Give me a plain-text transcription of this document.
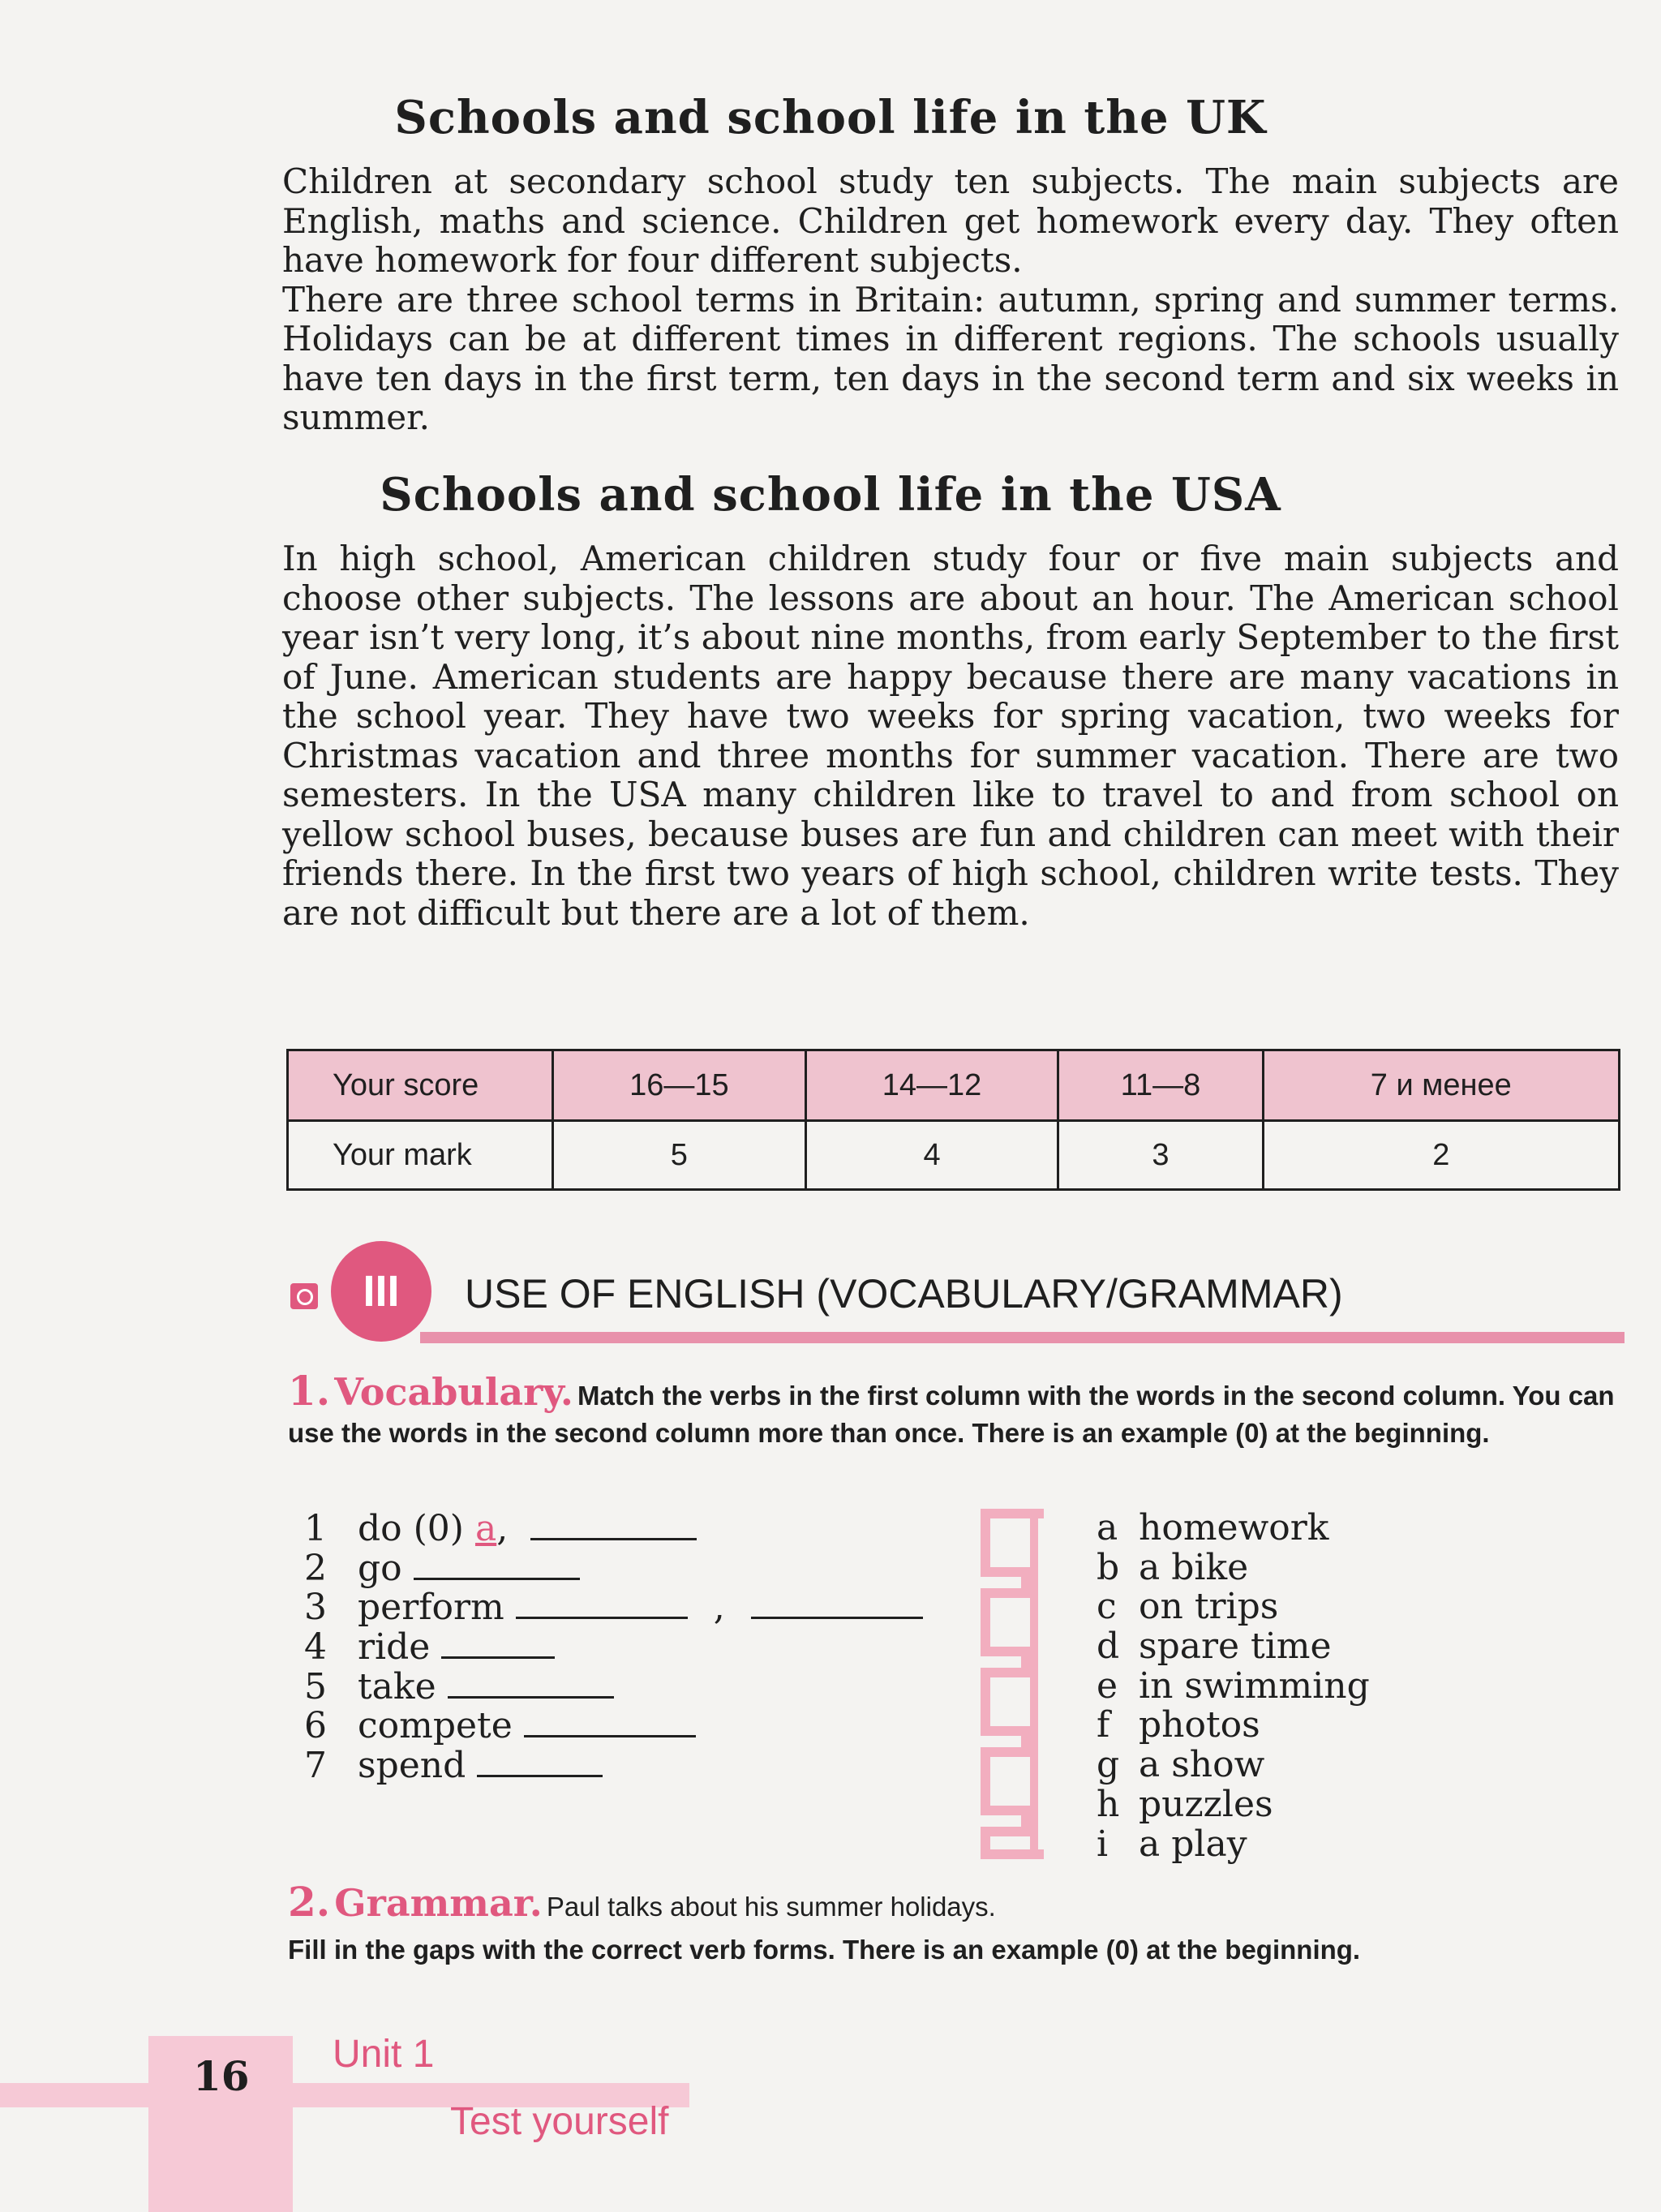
Schools and school life in the UK

Children at secondary school study ten subjects. The main subjects are English, maths and science. Children get homework every day. They often have homework for four different subjects.

There are three school terms in Britain: autumn, spring and summer terms. Holidays can be at different times in different regions. The schools usually have ten days in the first term, ten days in the second term and six weeks in summer.

Schools and school life in the USA

In high school, American children study four or five main subjects and choose other subjects. The lessons are about an hour. The American school year isn’t very long, it’s about nine months, from early September to the first of June. American students are happy because there are many vacations in the school year. They have two weeks for spring vacation, two weeks for Christmas vacation and three months for summer vacation. There are two semesters. In the USA many children like to travel to and from school on yellow school buses, because buses are fun and children can meet with their friends there. In the first two years of high school, children write tests. They are not difficult but there are a lot of them.

Your score	16—15	14—12	11—8	7 и менее
Your mark	5	4	3	2
III	USE OF ENGLISH (VOCABULARY/GRAMMAR)
1. Vocabulary. Match the verbs in the first column with the words in the second column. You can use the words in the second column more than once. There is an example (0) at the beginning.
1 do (0) a,
2 go
3 perform	,
4 ride
5 take
6 compete
7 spend
a homework
b a bike
c on trips
d spare time
e in swimming
f photos
g a show
h puzzles
i a play
2. Grammar. Paul talks about his summer holidays.
Fill in the gaps with the correct verb forms. There is an example (0) at the beginning.
16 Unit 1
Test yourself
